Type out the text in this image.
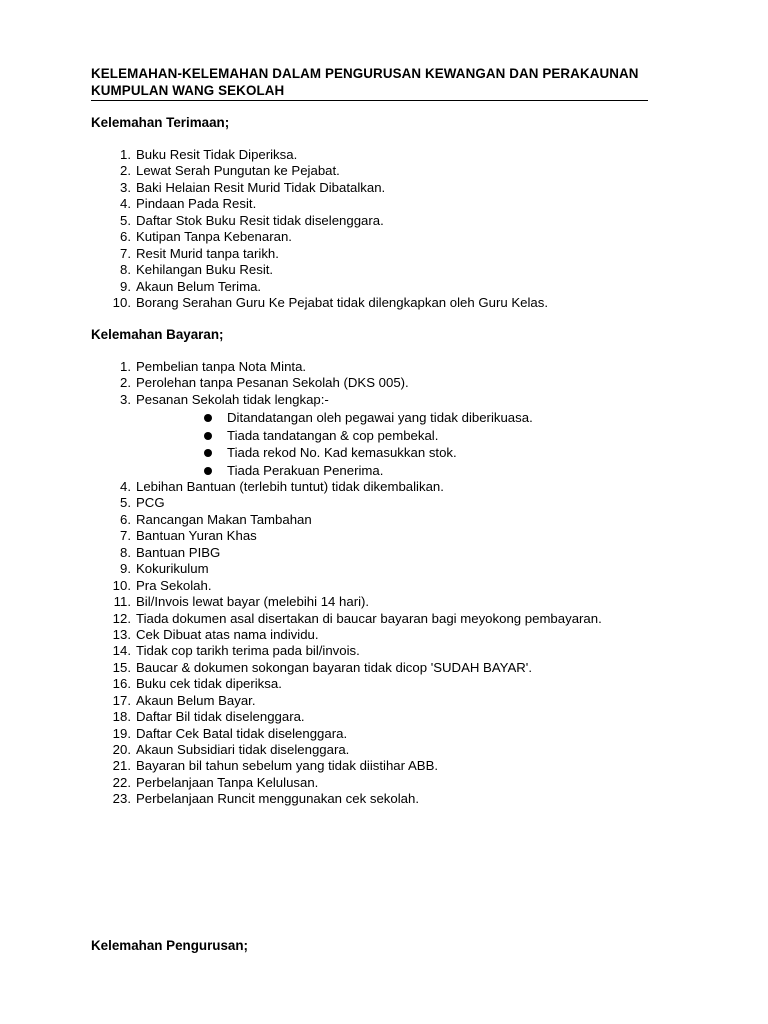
KELEMAHAN-KELEMAHAN DALAM PENGURUSAN KEWANGAN DAN PERAKAUNAN
KUMPULAN WANG SEKOLAH
Kelemahan Terimaan;
1. Buku Resit Tidak Diperiksa.
2. Lewat Serah Pungutan ke Pejabat.
3. Baki Helaian Resit Murid Tidak Dibatalkan.
4. Pindaan Pada Resit.
5. Daftar Stok Buku Resit tidak diselenggara.
6. Kutipan Tanpa Kebenaran.
7. Resit Murid tanpa tarikh.
8. Kehilangan Buku Resit.
9. Akaun Belum Terima.
10. Borang Serahan Guru Ke Pejabat tidak dilengkapkan oleh Guru Kelas.
Kelemahan Bayaran;
1. Pembelian tanpa Nota Minta.
2. Perolehan tanpa Pesanan Sekolah (DKS 005).
3. Pesanan Sekolah tidak lengkap:-
Ditandatangan oleh pegawai yang tidak diberikuasa.
Tiada tandatangan & cop pembekal.
Tiada rekod No. Kad kemasukkan stok.
Tiada Perakuan Penerima.
4. Lebihan Bantuan (terlebih tuntut) tidak dikembalikan.
5. PCG
6. Rancangan Makan Tambahan
7. Bantuan Yuran Khas
8. Bantuan PIBG
9. Kokurikulum
10. Pra Sekolah.
11. Bil/Invois lewat bayar (melebihi 14 hari).
12. Tiada dokumen asal disertakan di baucar bayaran bagi meyokong pembayaran.
13. Cek Dibuat atas nama individu.
14. Tidak cop tarikh terima pada bil/invois.
15. Baucar & dokumen sokongan bayaran tidak dicop 'SUDAH BAYAR'.
16. Buku cek tidak diperiksa.
17. Akaun Belum Bayar.
18. Daftar Bil tidak diselenggara.
19. Daftar Cek Batal tidak diselenggara.
20. Akaun Subsidiari tidak diselenggara.
21. Bayaran bil tahun sebelum yang tidak diistihar ABB.
22. Perbelanjaan Tanpa Kelulusan.
23. Perbelanjaan Runcit menggunakan cek sekolah.
Kelemahan Pengurusan;
